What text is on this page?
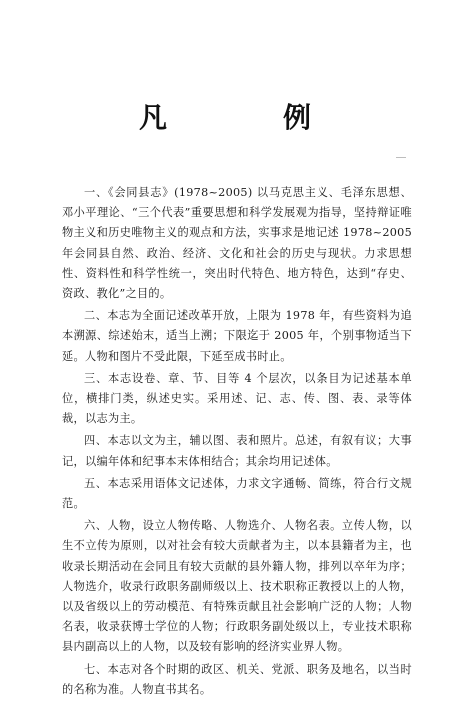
凡　例

一、《会同县志》(1978~2005) 以马克思主义、毛泽东思想、邓小平理论、“三个代表”重要思想和科学发展观为指导，坚持辩证唯物主义和历史唯物主义的观点和方法，实事求是地记述 1978~2005 年会同县自然、政治、经济、文化和社会的历史与现状。力求思想性、资料性和科学性统一，突出时代特色、地方特色，达到“存史、资政、教化”之目的。

二、本志为全面记述改革开放，上限为 1978 年，有些资料为追本溯源、综述始末，适当上溯；下限迄于 2005 年，个别事物适当下延。人物和图片不受此限，下延至成书时止。

三、本志设卷、章、节、目等 4 个层次，以条目为记述基本单位，横排门类，纵述史实。采用述、记、志、传、图、表、录等体裁，以志为主。

四、本志以文为主，辅以图、表和照片。总述，有叙有议；大事记，以编年体和纪事本末体相结合；其余均用记述体。

五、本志采用语体文记述体，力求文字通畅、简练，符合行文规范。

六、人物，设立人物传略、人物选介、人物名表。立传人物，以生不立传为原则，以对社会有较大贡献者为主，以本县籍者为主，也收录长期活动在会同且有较大贡献的县外籍人物，排列以卒年为序；人物选介，收录行政职务副师级以上、技术职称正教授以上的人物，以及省级以上的劳动模范、有特殊贡献且社会影响广泛的人物；人物名表，收录获博士学位的人物；行政职务副处级以上，专业技术职称县内副高以上的人物，以及较有影响的经济实业界人物。

七、本志对各个时期的政区、机关、党派、职务及地名，以当时的名称为准。人物直书其名。
